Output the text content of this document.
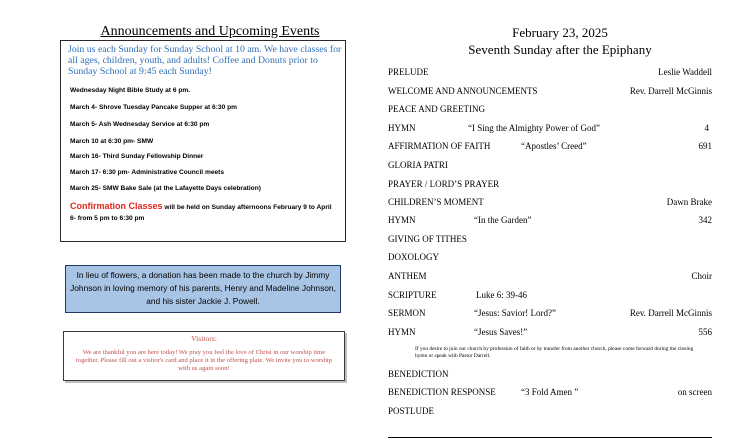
Announcements and Upcoming Events
Join us each Sunday for Sunday School at 10 am. We have classes for all ages, children, youth, and adults! Coffee and Donuts prior to Sunday School at 9:45 each Sunday!
Wednesday Night Bible Study at 6 pm.
March 4- Shrove Tuesday Pancake Supper at 6:30 pm
March 5- Ash Wednesday Service at 6:30 pm
March 10 at 6:30 pm- SMW
March 16- Third Sunday Fellowship Dinner
March 17- 6:30 pm- Administrative Council meets
March 25- SMW Bake Sale (at the Lafayette Days celebration)
Confirmation Classes will be held on Sunday afternoons February 9 to April 6- from 5 pm to 6:30 pm
In lieu of flowers, a donation has been made to the church by Jimmy Johnson in loving memory of his parents, Henry and Madeline Johnson, and his sister Jackie J. Powell.
Visitors:
We are thankful you are here today! We pray you feel the love of Christ in our worship time together. Please fill out a visitor's card and place it in the offering plate. We invite you to worship with us again soon!
February 23, 2025
Seventh Sunday after the Epiphany
PRELUDE	Leslie Waddell
WELCOME AND ANNOUNCEMENTS	Rev. Darrell McGinnis
PEACE AND GREETING
HYMN	“I Sing the Almighty Power of God”	4
AFFIRMATION OF FAITH	“Apostles’ Creed”	691
GLORIA PATRI
PRAYER / LORD’S PRAYER
CHILDREN’S MOMENT	Dawn Brake
HYMN	“In the Garden”	342
GIVING OF TITHES
DOXOLOGY
ANTHEM	Choir
SCRIPTURE	Luke 6: 39-46
SERMON	“Jesus: Savior! Lord?”	Rev. Darrell McGinnis
HYMN	“Jesus Saves!”	556
If you desire to join our church by profession of faith or by transfer from another church, please come forward during the closing hymn or speak with Pastor Darrell.
BENEDICTION
BENEDICTION RESPONSE	“3 Fold Amen ”	on screen
POSTLUDE
